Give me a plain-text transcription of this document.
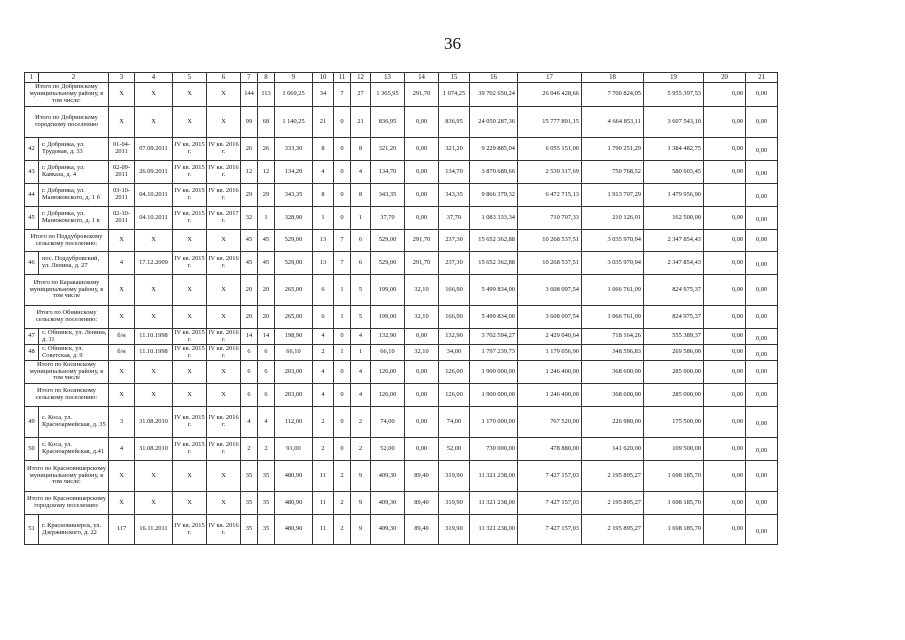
36
1	2	3	4	5	6	7	8	9	10	11	12	13	14	15	16	17	18	19	20	21
Итого по Добринскому муниципальному району, в том числе:		X	X	X	X	144	113	1 669,25	34	7	27	1 365,95	291,70	1 074,25	39 702 650,24	26 046 428,66	7 700 824,05	5 955 397,53	0,00	0,00
Итого по Добринскому городскому поселению		X	X	X	X	99	68	1 140,25	21	0	21	836,95	0,00	836,95	24 050 287,36	15 777 891,15	4 664 853,11	3 607 543,10	0,00	0,00
42	г. Добринка, ул. Трудовая, д. 33	01-04-2011	07.09.2011	IV кв. 2015 г.	IV кв. 2016 г.	26	26	333,30	8	0	8	321,20	0,00	321,20	9 229 885,04	6 055 151,00	1 790 251,29	1 384 482,75	0,00	0,00

43	г. Добринка, ул. Кавказа, д. 4	02-09-2011	26.09.2011	IV кв. 2015 г.	IV кв. 2016 г.	12	12	134,20	4	0	4	134,70	0,00	134,70	3 870 689,66	2 539 317,69	750 768,52	580 603,45	0,00	0,00

44	г. Добринка, ул. Манюковского, д. 1 б	03-10-2011	04.10.2011	IV кв. 2015 г.	IV кв. 2016 г.	29	29	343,35	8	0	8	343,35	0,00	343,35	9 866 379,32	6 472 715,13	1 913 707,29	1 479 956,90		0,00

45	г. Добринка, ул. Манюковского, д. 1 в	02-10-2011	04.10.2011	IV кв. 2015 г.	IV кв. 2017 г.	32	1	328,90	1	0	1	37,70	0,00	37,70	1 083 333,34	710 707,33	210 126,01	162 500,00	0,00	0,00

Итого по Поддубровскому сельскому поселению:		X	X	X	X	45	45	529,00	13	7	6	529,00	291,70	237,30	15 652 362,88	10 268 537,51	3 035 970,94	2 347 854,43	0,00	0,00
46	пос. Поддубровский, ул. Ленина, д. 27	4	17.12.2009	IV кв. 2015 г.	IV кв. 2016 г.	45	45	529,00	13	7	6	529,00	291,70	237,30	15 652 362,88	10 268 537,51	3 035 970,94	2 347 854,43	0,00	0,00

Итого по Каракашскому муниципальному району, в том числе		X	X	X	X	20	20	265,00	6	1	5	199,00	32,10	166,90	5 499 834,00	3 608 097,54	1 066 761,09	824 975,37	0,00	0,00
Итого по Обнинскому сельскому поселению:		X	X	X	X	20	20	265,00	6	1	5	199,00	32,10	166,90	5 499 834,00	3 608 097,54	1 066 761,09	824 975,37	0,00	0,00
47	с. Обнинск, ул. Ленина, д. 11	б/н	11.10.1998	IV кв. 2015 г.	IV кв. 2016 г.	14	14	198,90	4	0	4	132,90	0,00	132,90	3 702 594,27	2 429 040,64	718 164,26	555 389,37	0,00	0,00

48	с. Обнинск, ул. Советская, д. 9	б/н	11.10.1998	IV кв. 2015 г.	IV кв. 2016 г.	6	6	66,10	2	1	1	66,10	32,10	34,00	1 797 239,73	1 179 056,90	348 596,83	269 586,00	0,00	0,00

Итого по Косинскому муниципальному району, в том числе		X	X	X	X	6	6	203,00	4	0	4	126,00	0,00	126,00	1 900 000,00	1 246 400,00	368 600,00	285 000,00	0,00	0,00
Итого по Косинскому сельскому поселению:		X	X	X	X	6	6	203,00	4	0	4	126,00	0,00	126,00	1 900 000,00	1 246 400,00	368 600,00	285 000,00	0,00	0,00
49	с. Коса, ул. Красноармейская, д. 35	3	31.08.2010	IV кв. 2015 г.	IV кв. 2016 г.	4	4	112,00	2	0	2	74,00	0,00	74,00	1 170 000,00	767 520,00	226 980,00	175 500,00	0,00	0,00

50	с. Коса, ул. Красноармейская, д.41	4	31.08.2010	IV кв. 2015 г.	IV кв. 2016 г.	2	2	91,00	2	0	2	52,00	0,00	52,00	730 000,00	478 880,00	141 620,00	109 500,00	0,00	0,00

Итого по Красновишерскому муниципальному району, в том числе:		X	X	X	X	35	35	480,90	11	2	9	409,30	89,40	319,90	11 321 238,00	7 427 157,03	2 195 895,27	1 698 185,70	0,00	0,00
Итого по Красновишерскому городскому поселению:		X	X	X	X	35	35	480,90	11	2	9	409,30	89,40	319,90	11 321 238,00	7 427 157,03	2 195 895,27	1 698 185,70	0,00	0,00
51	г. Красновишерск, ул. Дзержинского, д. 22	117	16.11.2011	IV кв. 2015 г.	IV кв. 2016 г.	35	35	480,90	11	2	9	409,30	89,40	319,90	11 321 238,00	7 427 157,03	2 195 895,27	1 698 185,70	0,00	0,00
